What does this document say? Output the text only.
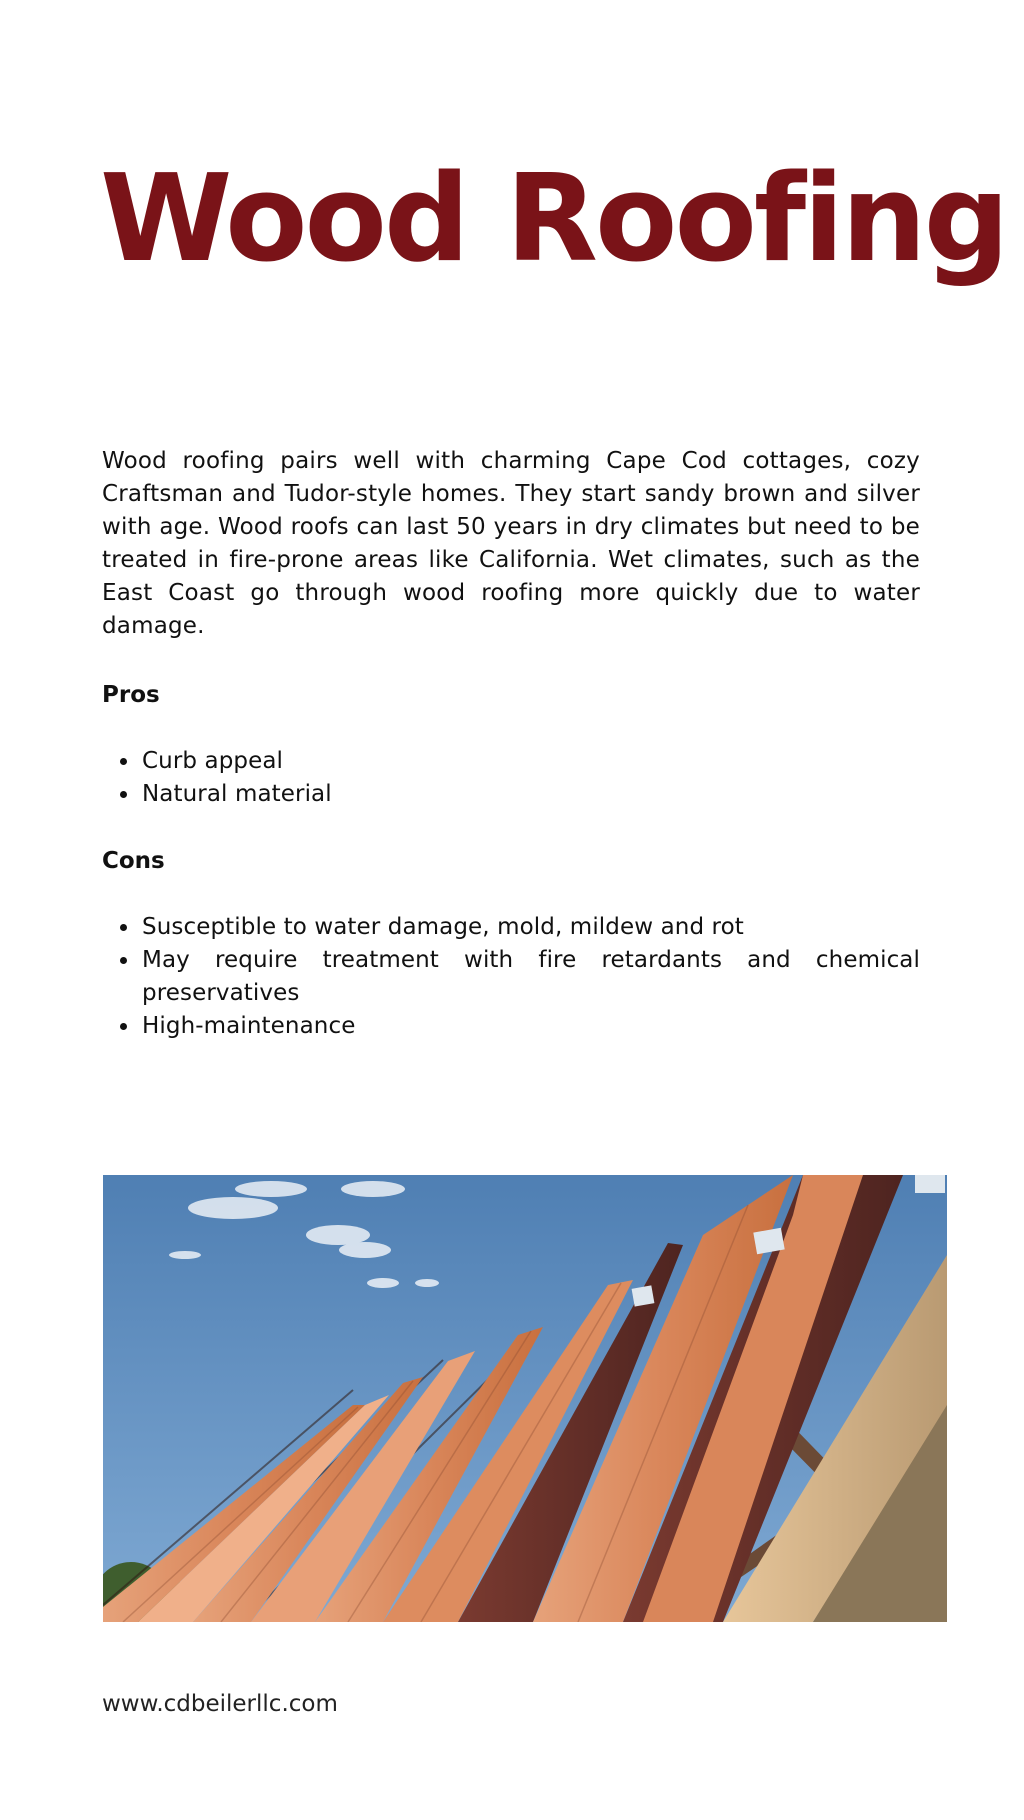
Wood Roofing

Wood roofing pairs well with charming Cape Cod cottages, cozy Craftsman and Tudor-style homes. They start sandy brown and silver with age. Wood roofs can last 50 years in dry climates but need to be treated in fire-prone areas like California. Wet climates, such as the East Coast go through wood roofing more quickly due to water damage.

Pros
Curb appeal
Natural material
Cons
Susceptible to water damage, mold, mildew and rot
May require treatment with fire retardants and chemical preservatives
High-maintenance

www.cdbeilerllc.com
